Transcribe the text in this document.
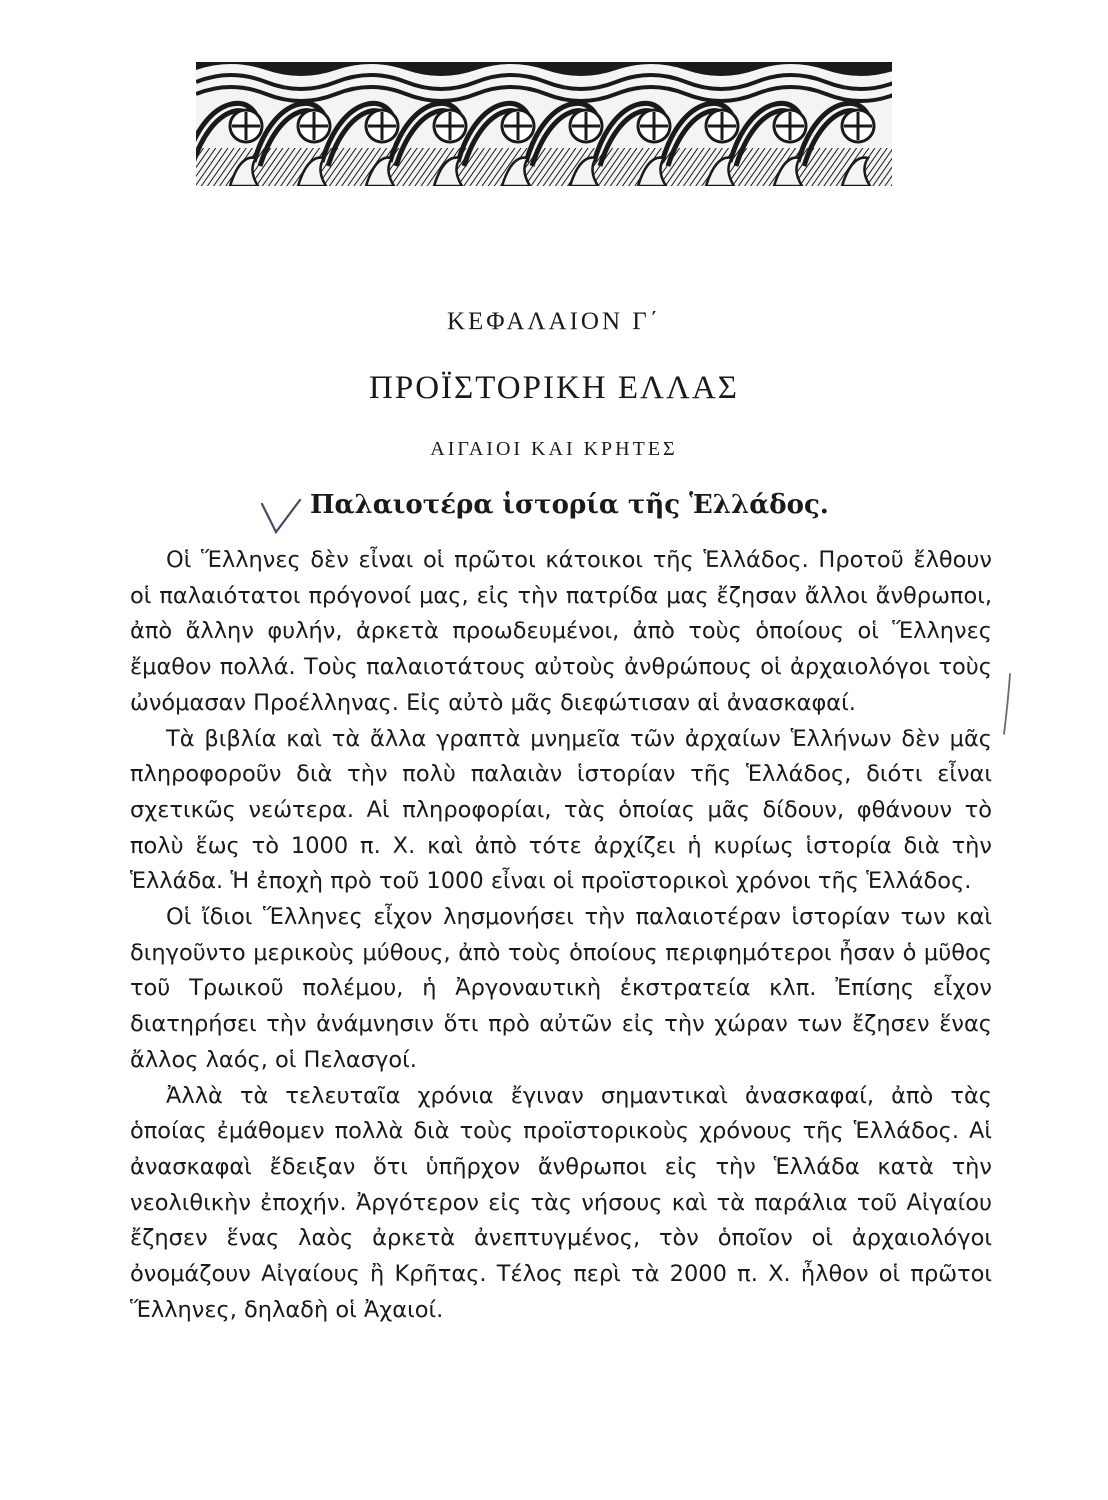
ΚΕΦΑΛΑΙΟΝ Γ΄
ΠΡΟΪΣΤΟΡΙΚΗ ΕΛΛΑΣ
ΑΙΓΑΙΟΙ ΚΑΙ ΚΡΗΤΕΣ
Παλαιοτέρα ἱστορία τῆς Ἑλλάδος.

Οἱ Ἕλληνες δὲν εἶναι οἱ πρῶτοι κάτοικοι τῆς Ἑλλάδος. Προτοῦ ἔλθουν οἱ παλαιότατοι πρόγονοί μας, εἰς τὴν πατρίδα μας ἔζησαν ἄλλοι ἄνθρωποι, ἀπὸ ἄλλην φυλήν, ἀρκετὰ προωδευμένοι, ἀπὸ τοὺς ὁποίους οἱ Ἕλληνες ἔμαθον πολλά. Τοὺς παλαιοτάτους αὐτοὺς ἀνθρώπους οἱ ἀρχαιολόγοι τοὺς ὠνόμασαν Προέλληνας. Εἰς αὐτὸ μᾶς διεφώτισαν αἱ ἀνασκαφαί.

Τὰ βιβλία καὶ τὰ ἄλλα γραπτὰ μνημεῖα τῶν ἀρχαίων Ἑλλήνων δὲν μᾶς πληροφοροῦν διὰ τὴν πολὺ παλαιὰν ἱστορίαν τῆς Ἑλλάδος, διότι εἶναι σχετικῶς νεώτερα. Αἱ πληροφορίαι, τὰς ὁποίας μᾶς δίδουν, φθάνουν τὸ πολὺ ἕως τὸ 1000 π. Χ. καὶ ἀπὸ τότε ἀρχίζει ἡ κυρίως ἱστορία διὰ τὴν Ἑλλάδα. Ἡ ἐποχὴ πρὸ τοῦ 1000 εἶναι οἱ προϊστορικοὶ χρόνοι τῆς Ἑλλάδος.

Οἱ ἴδιοι Ἕλληνες εἶχον λησμονήσει τὴν παλαιοτέραν ἱστορίαν των καὶ διηγοῦντο μερικοὺς μύθους, ἀπὸ τοὺς ὁποίους περιφημότεροι ἦσαν ὁ μῦθος τοῦ Τρωικοῦ πολέμου, ἡ Ἀργοναυτικὴ ἐκστρατεία κλπ. Ἐπίσης εἶχον διατηρήσει τὴν ἀνάμνησιν ὅτι πρὸ αὐτῶν εἰς τὴν χώραν των ἔζησεν ἕνας ἄλλος λαός, οἱ Πελασγοί.

Ἀλλὰ τὰ τελευταῖα χρόνια ἔγιναν σημαντικαὶ ἀνασκαφαί, ἀπὸ τὰς ὁποίας ἐμάθομεν πολλὰ διὰ τοὺς προϊστορικοὺς χρόνους τῆς Ἑλλάδος. Αἱ ἀνασκαφαὶ ἔδειξαν ὅτι ὑπῆρχον ἄνθρωποι εἰς τὴν Ἑλλάδα κατὰ τὴν νεολιθικὴν ἐποχήν. Ἀργότερον εἰς τὰς νήσους καὶ τὰ παράλια τοῦ Αἰγαίου ἔζησεν ἕνας λαὸς ἀρκετὰ ἀνεπτυγμένος, τὸν ὁποῖον οἱ ἀρχαιολόγοι ὀνομάζουν Αἰγαίους ἢ Κρῆτας. Τέλος περὶ τὰ 2000 π. Χ. ἦλθον οἱ πρῶτοι Ἕλληνες, δηλαδὴ οἱ Ἀχαιοί.
